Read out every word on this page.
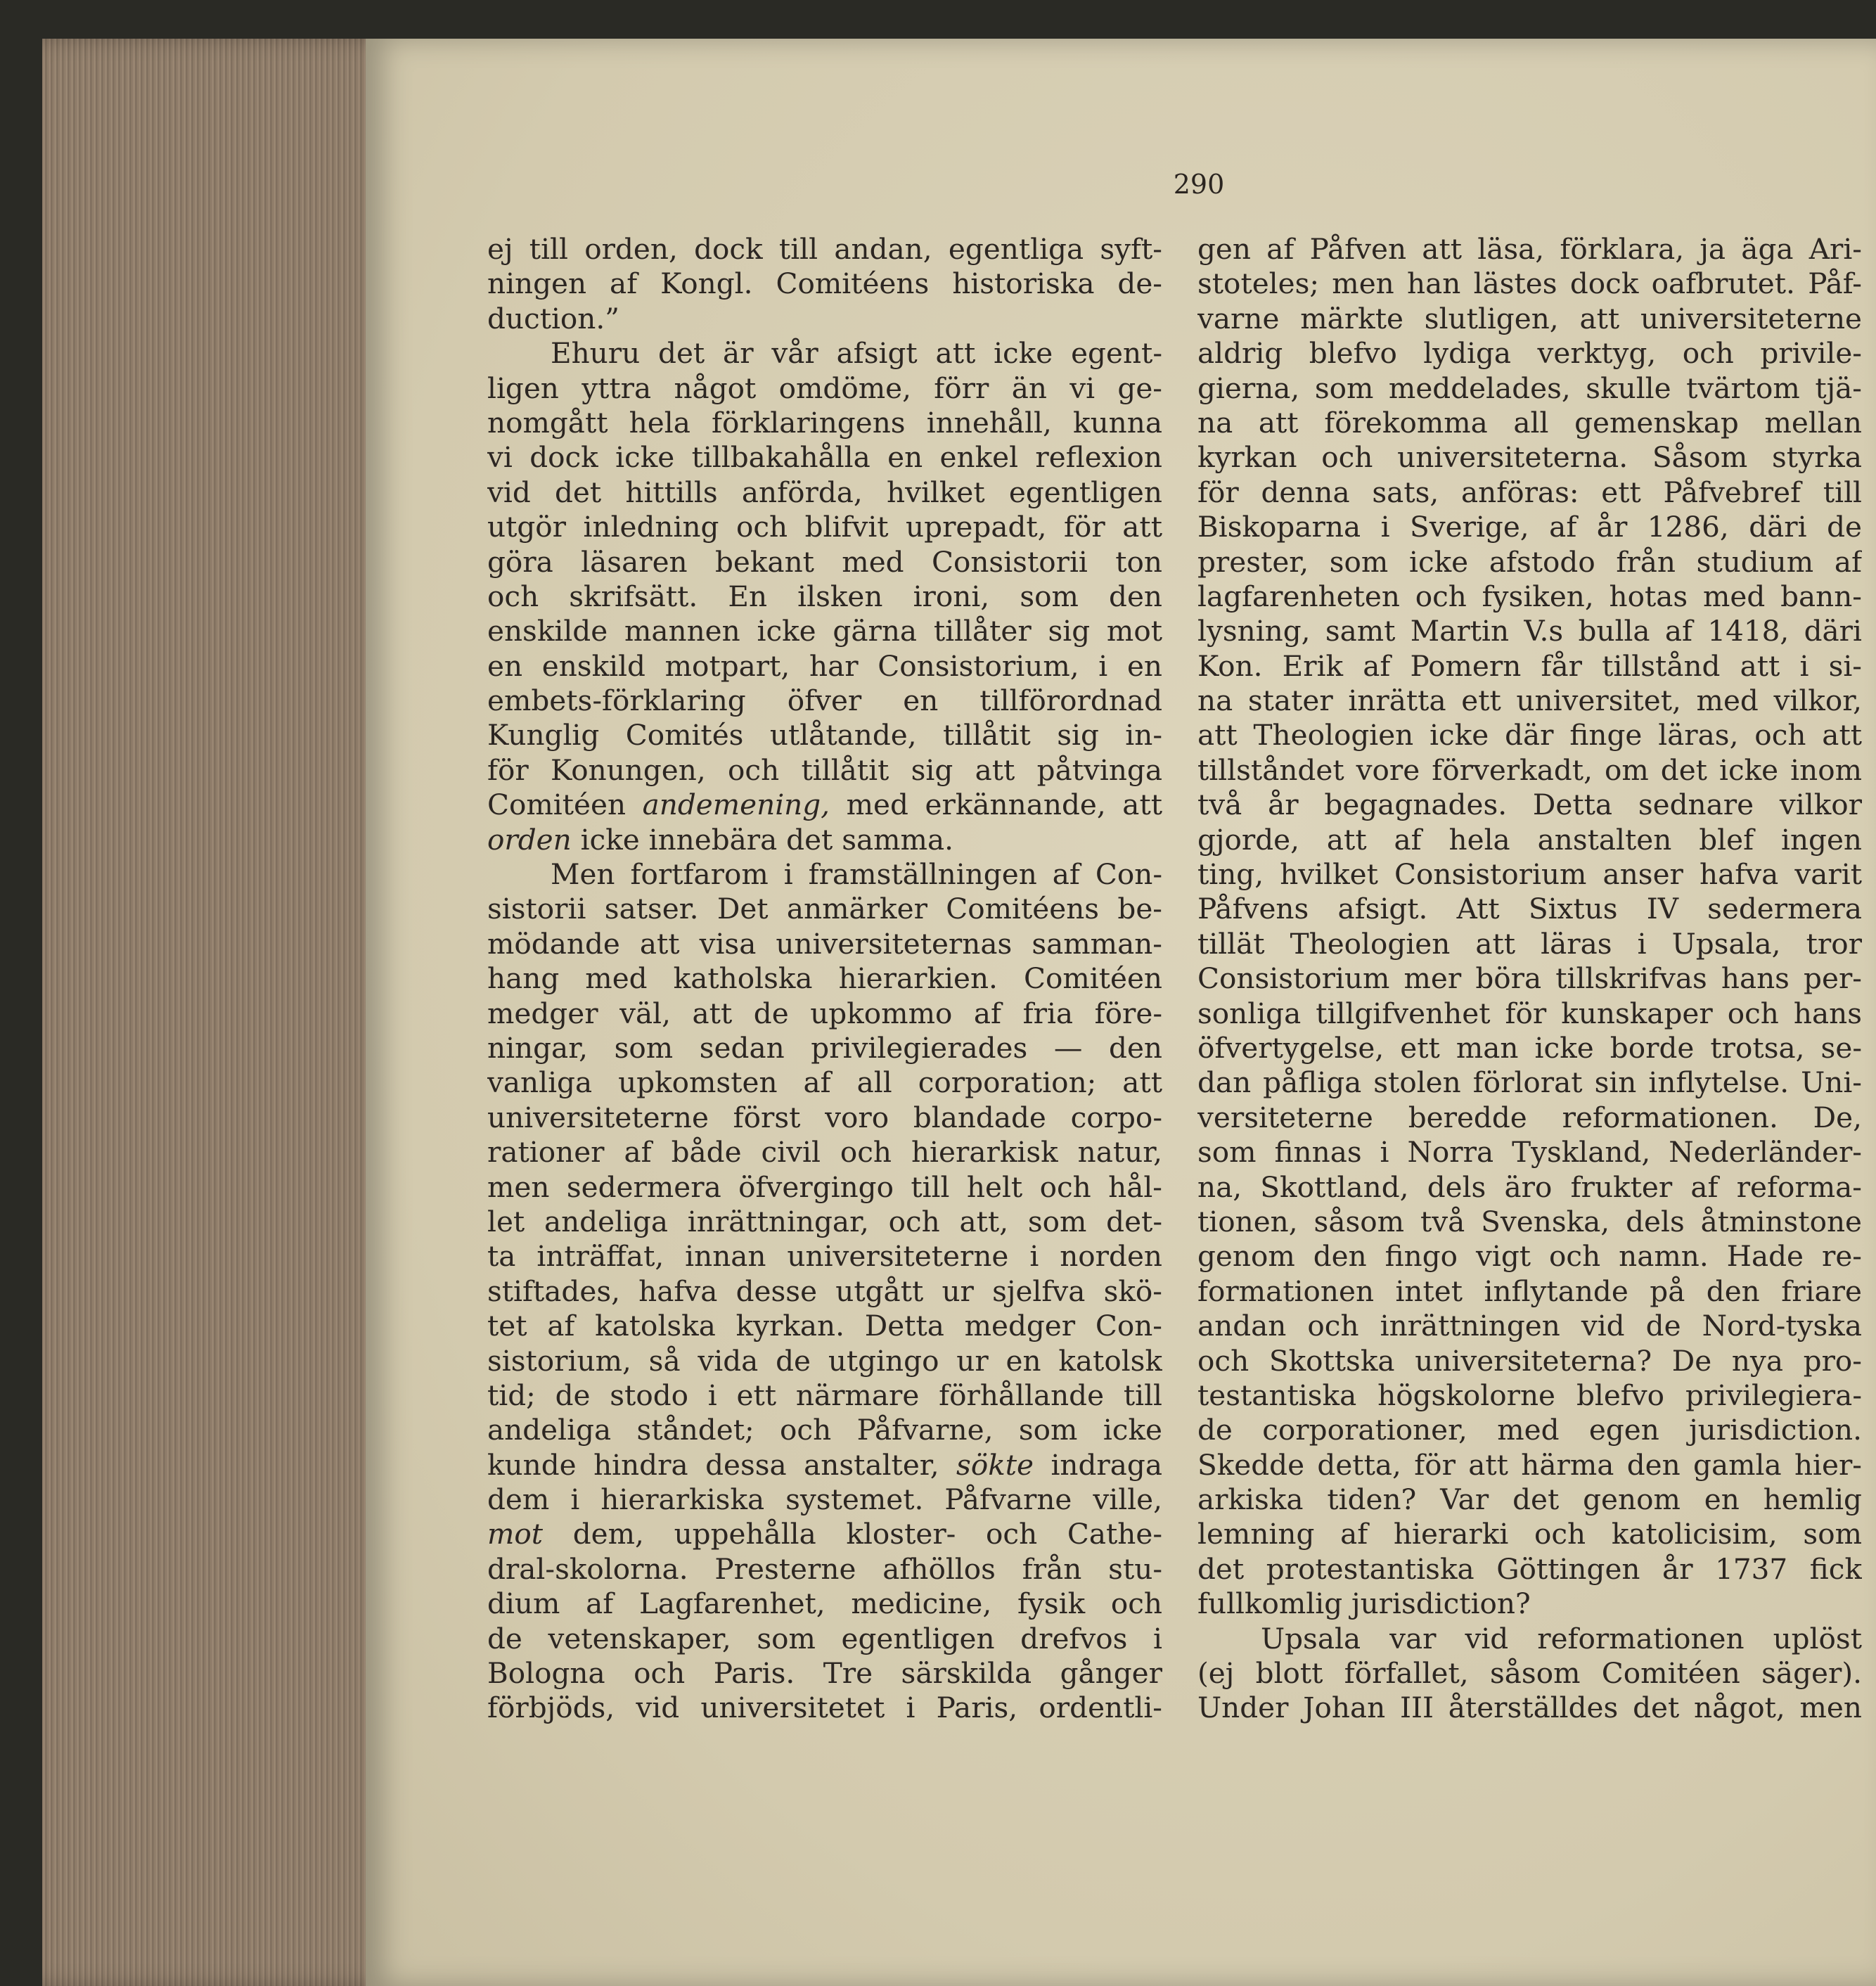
290
ej till orden, dock till andan, egentliga syft-
ningen af Kongl. Comitéens historiska de-
duction.”
Ehuru det är vår afsigt att icke egent-
ligen yttra något omdöme, förr än vi ge-
nomgått hela förklaringens innehåll, kunna
vi dock icke tillbakahålla en enkel reflexion
vid det hittills anförda, hvilket egentligen
utgör inledning och blifvit uprepadt, för att
göra läsaren bekant med Consistorii ton
och skrifsätt. En ilsken ironi, som den
enskilde mannen icke gärna tillåter sig mot
en enskild motpart, har Consistorium, i en
embets-förklaring öfver en tillförordnad
Kunglig Comités utlåtande, tillåtit sig in-
för Konungen, och tillåtit sig att påtvinga
Comitéen andemening, med erkännande, att
orden icke innebära det samma.
Men fortfarom i framställningen af Con-
sistorii satser. Det anmärker Comitéens be-
mödande att visa universiteternas samman-
hang med katholska hierarkien. Comitéen
medger väl, att de upkommo af fria före-
ningar, som sedan privilegierades — den
vanliga upkomsten af all corporation; att
universiteterne först voro blandade corpo-
rationer af både civil och hierarkisk natur,
men sedermera öfvergingo till helt och hål-
let andeliga inrättningar, och att, som det-
ta inträffat, innan universiteterne i norden
stiftades, hafva desse utgått ur sjelfva skö-
tet af katolska kyrkan. Detta medger Con-
sistorium, så vida de utgingo ur en katolsk
tid; de stodo i ett närmare förhållande till
andeliga ståndet; och Påfvarne, som icke
kunde hindra dessa anstalter, sökte indraga
dem i hierarkiska systemet. Påfvarne ville,
mot dem, uppehålla kloster- och Cathe-
dral-skolorna. Presterne afhöllos från stu-
dium af Lagfarenhet, medicine, fysik och
de vetenskaper, som egentligen drefvos i
Bologna och Paris. Tre särskilda gånger
förbjöds, vid universitetet i Paris, ordentli-
gen af Påfven att läsa, förklara, ja äga Ari-
stoteles; men han lästes dock oafbrutet. Påf-
varne märkte slutligen, att universiteterne
aldrig blefvo lydiga verktyg, och privile-
gierna, som meddelades, skulle tvärtom tjä-
na att förekomma all gemenskap mellan
kyrkan och universiteterna. Såsom styrka
för denna sats, anföras: ett Påfvebref till
Biskoparna i Sverige, af år 1286, däri de
prester, som icke afstodo från studium af
lagfarenheten och fysiken, hotas med bann-
lysning, samt Martin V.s bulla af 1418, däri
Kon. Erik af Pomern får tillstånd att i si-
na stater inrätta ett universitet, med vilkor,
att Theologien icke där finge läras, och att
tillståndet vore förverkadt, om det icke inom
två år begagnades. Detta sednare vilkor
gjorde, att af hela anstalten blef ingen
ting, hvilket Consistorium anser hafva varit
Påfvens afsigt. Att Sixtus IV sedermera
tillät Theologien att läras i Upsala, tror
Consistorium mer böra tillskrifvas hans per-
sonliga tillgifvenhet för kunskaper och hans
öfvertygelse, ett man icke borde trotsa, se-
dan påfliga stolen förlorat sin inflytelse. Uni-
versiteterne beredde reformationen. De,
som finnas i Norra Tyskland, Nederländer-
na, Skottland, dels äro frukter af reforma-
tionen, såsom två Svenska, dels åtminstone
genom den fingo vigt och namn. Hade re-
formationen intet inflytande på den friare
andan och inrättningen vid de Nord-tyska
och Skottska universiteterna? De nya pro-
testantiska högskolorne blefvo privilegiera-
de corporationer, med egen jurisdiction.
Skedde detta, för att härma den gamla hier-
arkiska tiden? Var det genom en hemlig
lemning af hierarki och katolicisim, som
det protestantiska Göttingen år 1737 fick
fullkomlig jurisdiction?
Upsala var vid reformationen uplöst
(ej blott förfallet, såsom Comitéen säger).
Under Johan III återställdes det något, men
